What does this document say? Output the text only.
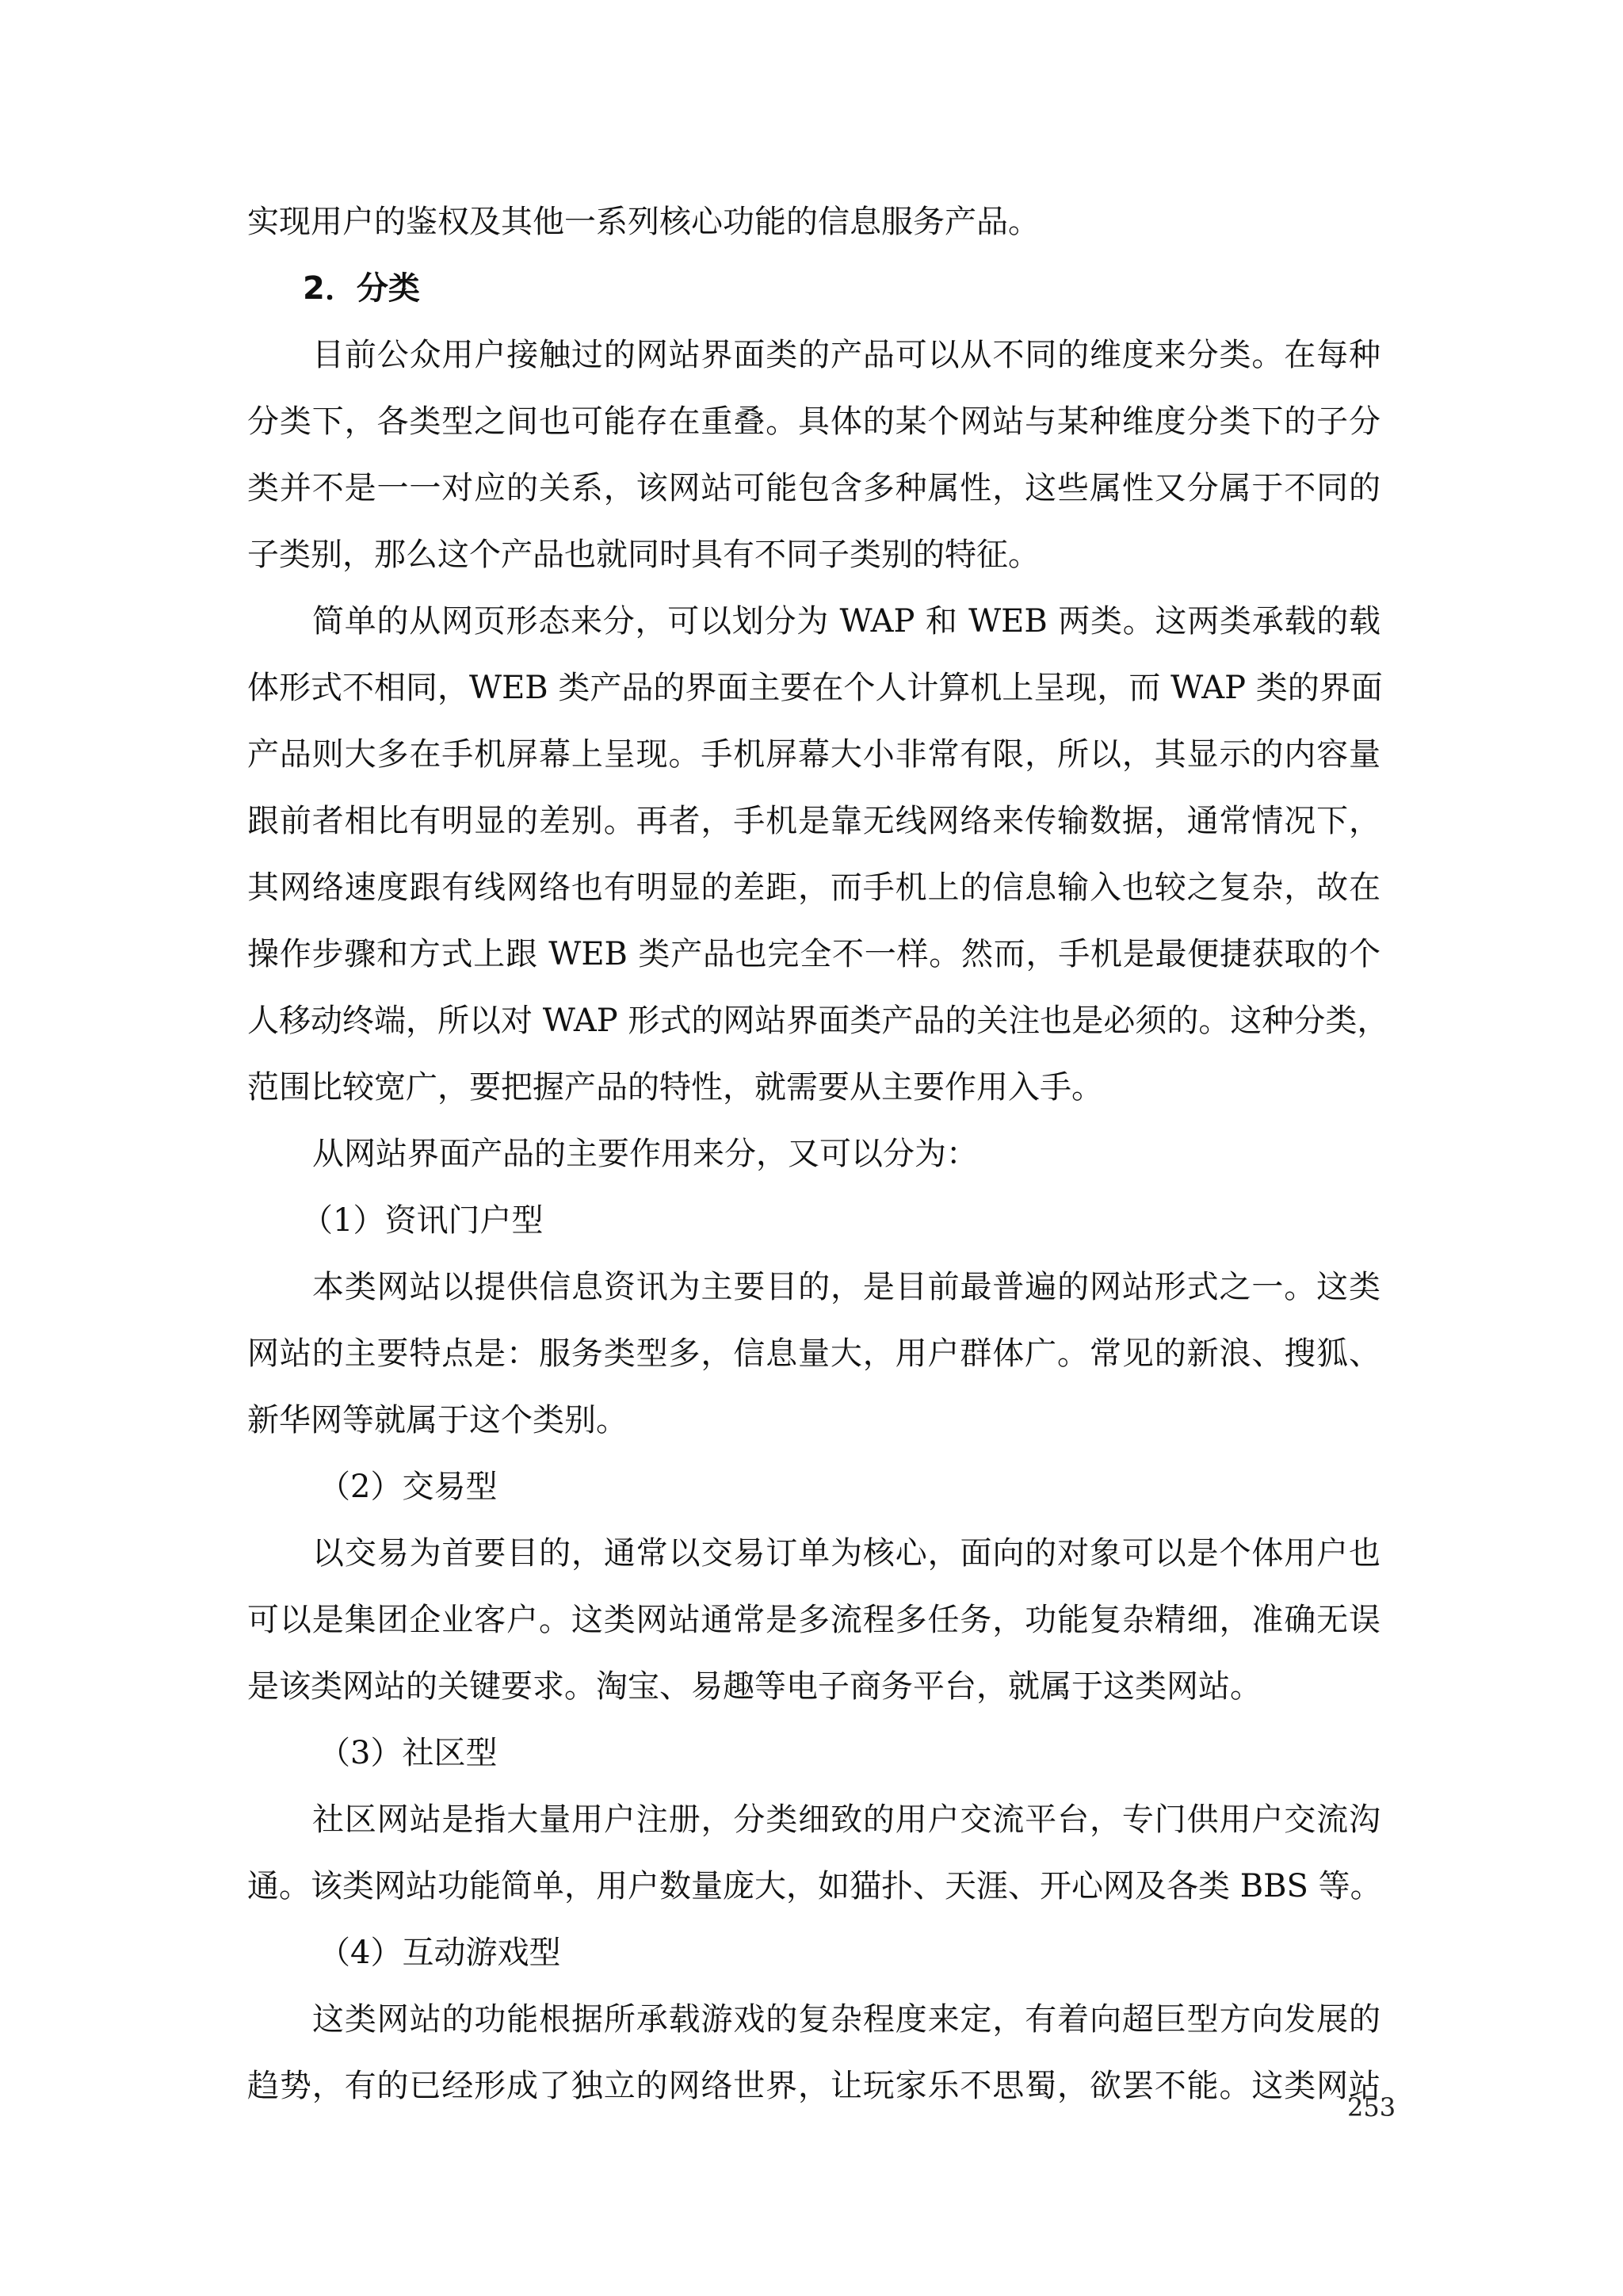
实现用户的鉴权及其他一系列核心功能的信息服务产品。
2．分类
目前公众用户接触过的网站界面类的产品可以从不同的维度来分类。在每种
分类下，各类型之间也可能存在重叠。具体的某个网站与某种维度分类下的子分
类并不是一一对应的关系，该网站可能包含多种属性，这些属性又分属于不同的
子类别，那么这个产品也就同时具有不同子类别的特征。
简单的从网页形态来分，可以划分为 WAP 和 WEB 两类。这两类承载的载
体形式不相同，WEB 类产品的界面主要在个人计算机上呈现，而 WAP 类的界面
产品则大多在手机屏幕上呈现。手机屏幕大小非常有限，所以，其显示的内容量
跟前者相比有明显的差别。再者，手机是靠无线网络来传输数据，通常情况下，
其网络速度跟有线网络也有明显的差距，而手机上的信息输入也较之复杂，故在
操作步骤和方式上跟 WEB 类产品也完全不一样。然而，手机是最便捷获取的个
人移动终端，所以对 WAP 形式的网站界面类产品的关注也是必须的。这种分类，
范围比较宽广，要把握产品的特性，就需要从主要作用入手。
从网站界面产品的主要作用来分，又可以分为：
（1）资讯门户型
本类网站以提供信息资讯为主要目的，是目前最普遍的网站形式之一。这类
网站的主要特点是：服务类型多，信息量大，用户群体广。常见的新浪、搜狐、
新华网等就属于这个类别。
（2）交易型
以交易为首要目的，通常以交易订单为核心，面向的对象可以是个体用户也
可以是集团企业客户。这类网站通常是多流程多任务，功能复杂精细，准确无误
是该类网站的关键要求。淘宝、易趣等电子商务平台，就属于这类网站。
（3）社区型
社区网站是指大量用户注册，分类细致的用户交流平台，专门供用户交流沟
通。该类网站功能简单，用户数量庞大，如猫扑、天涯、开心网及各类 BBS 等。
（4）互动游戏型
这类网站的功能根据所承载游戏的复杂程度来定，有着向超巨型方向发展的
趋势，有的已经形成了独立的网络世界，让玩家乐不思蜀，欲罢不能。这类网站
253
